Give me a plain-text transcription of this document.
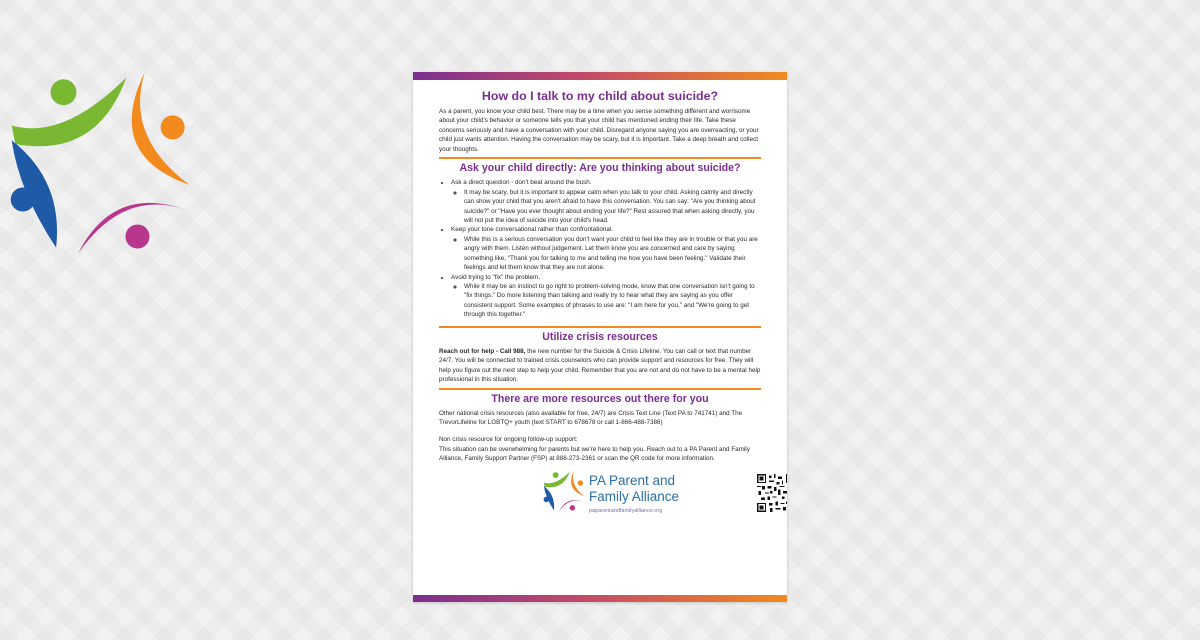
How do I talk to my child about suicide?

As a parent, you know your child best. There may be a time when you sense something different and worrisome about your child's behavior or someone tells you that your child has mentioned ending their life. Take these concerns seriously and have a conversation with your child. Disregard anyone saying you are overreacting, or your child just wants attention. Having the conversation may be scary, but it is important. Take a deep breath and collect your thoughts.

Ask your child directly: Are you thinking about suicide?
• Ask a direct question - don't beat around the bush.
◦ It may be scary, but it is important to appear calm when you talk to your child. Asking calmly and directly can show your child that you aren't afraid to have this conversation. You can say: "Are you thinking about suicide?" or "Have you ever thought about ending your life?" Rest assured that when asking directly, you will not put the idea of suicide into your child's head.
• Keep your tone conversational rather than confrontational.
◦ While this is a serious conversation you don't want your child to feel like they are in trouble or that you are angry with them. Listen without judgement. Let them know you are concerned and care by saying something like, "Thank you for talking to me and telling me how you have been feeling." Validate their feelings and let them know that they are not alone.
• Avoid trying to "fix" the problem.
◦ While it may be an instinct to go right to problem-solving mode, know that one conversation isn't going to "fix things." Do more listening than talking and really try to hear what they are saying as you offer consistent support. Some examples of phrases to use are: "I am here for you," and "We're going to get through this together."
Utilize crisis resources

Reach out for help - Call 988, the new number for the Suicide & Crisis Lifeline. You can call or text that number 24/7. You will be connected to trained crisis counselors who can provide support and resources for free. They will help you figure out the next step to help your child. Remember that you are not and do not have to be a mental help professional in this situation.

There are more resources out there for you

Other national crisis resources (also available for free, 24/7) are Crisis Text Line (Text PA to 741741) and The TrevorLifeline for LGBTQ+ youth (text START to 678678 or call 1-866-488-7386)

Non crisis resource for ongoing follow-up support:

This situation can be overwhelming for parents but we're here to help you. Reach out to a PA Parent and Family Alliance, Family Support Partner (FSP) at 888-273-2361 or scan the QR code for more information.

PA Parent and
Family Alliance
paparentandfamilyalliance.org
